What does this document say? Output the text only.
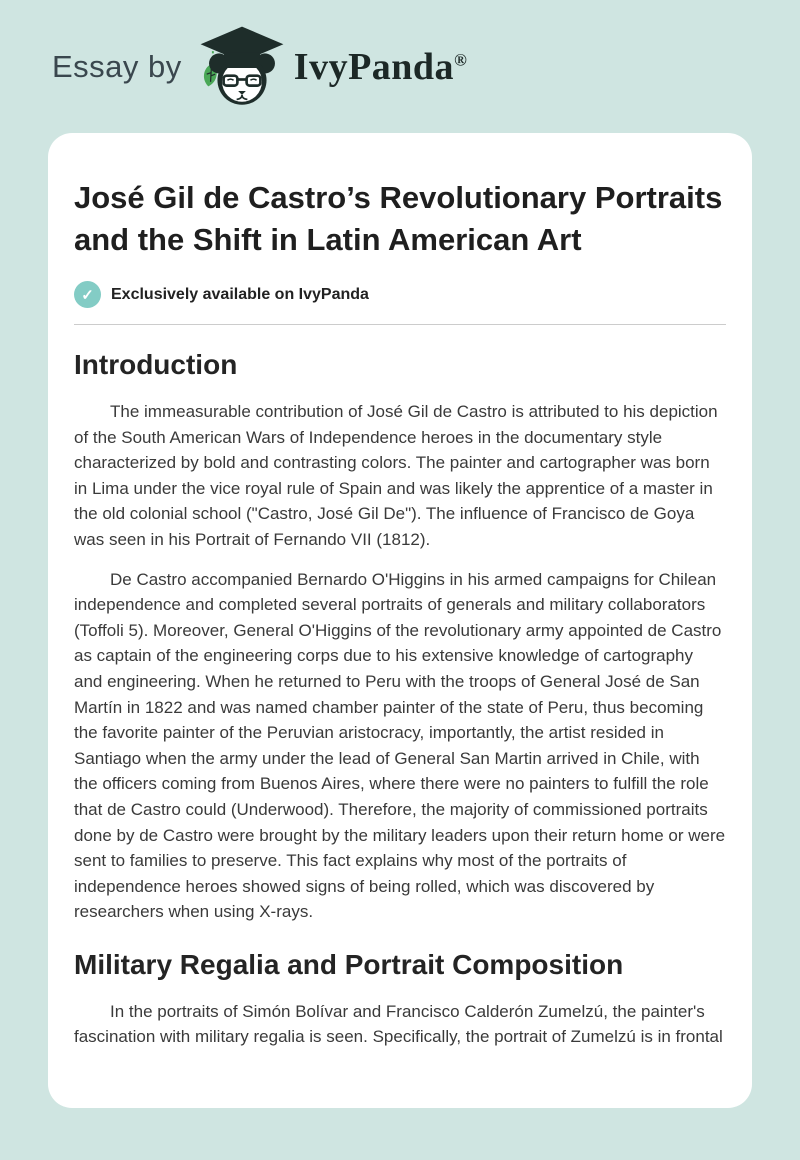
Essay by	IvyPanda®
José Gil de Castro’s Revolutionary Portraits and the Shift in Latin American Art
✓	Exclusively available on IvyPanda
Introduction

The immeasurable contribution of José Gil de Castro is attributed to his depiction of the South American Wars of Independence heroes in the documentary style characterized by bold and contrasting colors. The painter and cartographer was born in Lima under the vice royal rule of Spain and was likely the apprentice of a master in the old colonial school ("Castro, José Gil De"). The influence of Francisco de Goya was seen in his Portrait of Fernando VII (1812).

De Castro accompanied Bernardo O'Higgins in his armed campaigns for Chilean independence and completed several portraits of generals and military collaborators (Toffoli 5). Moreover, General O'Higgins of the revolutionary army appointed de Castro as captain of the engineering corps due to his extensive knowledge of cartography and engineering. When he returned to Peru with the troops of General José de San Martín in 1822 and was named chamber painter of the state of Peru, thus becoming the favorite painter of the Peruvian aristocracy, importantly, the artist resided in Santiago when the army under the lead of General San Martin arrived in Chile, with the officers coming from Buenos Aires, where there were no painters to fulfill the role that de Castro could (Underwood). Therefore, the majority of commissioned portraits done by de Castro were brought by the military leaders upon their return home or were sent to families to preserve. This fact explains why most of the portraits of independence heroes showed signs of being rolled, which was discovered by researchers when using X-rays.

Military Regalia and Portrait Composition

In the portraits of Simón Bolívar and Francisco Calderón Zumelzú, the painter's fascination with military regalia is seen. Specifically, the portrait of Zumelzú is in frontal
